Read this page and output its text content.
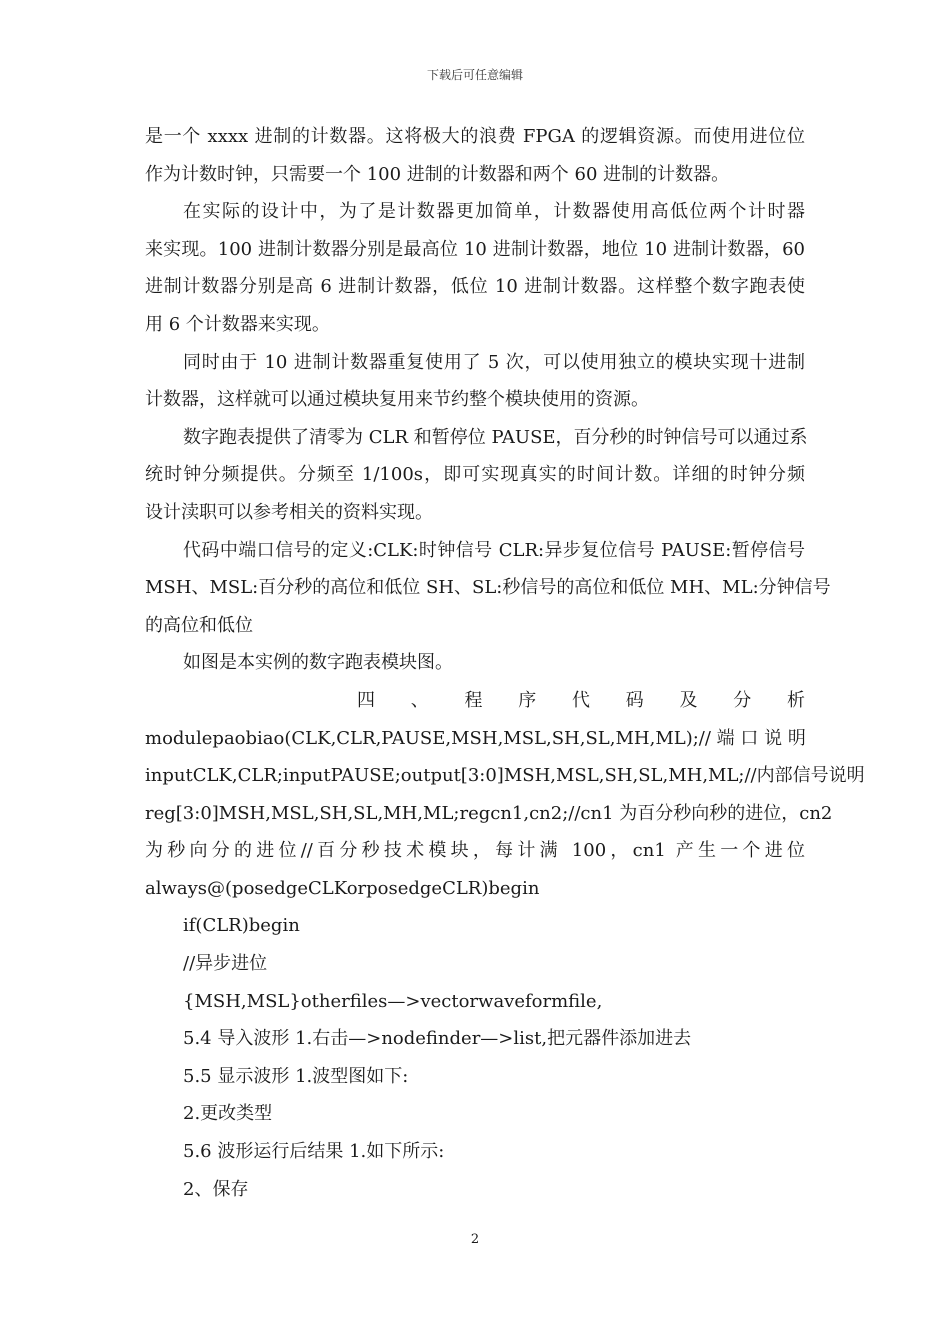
下载后可任意编辑
是一个 xxxx 进制的计数器。这将极大的浪费 FPGA 的逻辑资源。而使用进位位
作为计数时钟，只需要一个 100 进制的计数器和两个 60 进制的计数器。
在实际的设计中，为了是计数器更加简单，计数器使用高低位两个计时器
来实现。100 进制计数器分别是最高位 10 进制计数器，地位 10 进制计数器，60
进制计数器分别是高 6 进制计数器，低位 10 进制计数器。这样整个数字跑表使
用 6 个计数器来实现。
同时由于 10 进制计数器重复使用了 5 次，可以使用独立的模块实现十进制
计数器，这样就可以通过模块复用来节约整个模块使用的资源。
数字跑表提供了清零为 CLR 和暂停位 PAUSE，百分秒的时钟信号可以通过系
统时钟分频提供。分频至 1/100s，即可实现真实的时间计数。详细的时钟分频
设计渎职可以参考相关的资料实现。
代码中端口信号的定义:CLK:时钟信号 CLR:异步复位信号 PAUSE:暂停信号
MSH、MSL:百分秒的高位和低位 SH、SL:秒信号的高位和低位 MH、ML:分钟信号
的高位和低位
如图是本实例的数字跑表模块图。
四 、 程 序 代 码 及 分 析
modulepaobiao(CLK,CLR,PAUSE,MSH,MSL,SH,SL,MH,ML);// 端 口 说 明
inputCLK,CLR;inputPAUSE;output[3:0]MSH,MSL,SH,SL,MH,ML;//内部信号说明
reg[3:0]MSH,MSL,SH,SL,MH,ML;regcn1,cn2;//cn1 为百分秒向秒的进位，cn2
为秒向分的进位//百分秒技术模块，每计满 100，cn1 产生一个进位
always@(posedgeCLKorposedgeCLR)begin
if(CLR)begin
//异步进位
{MSH,MSL}otherfiles—>vectorwaveformfile,
5.4 导入波形 1.右击—>nodefinder—>list,把元器件添加进去
5.5 显示波形 1.波型图如下:
2.更改类型
5.6 波形运行后结果 1.如下所示:
2、保存
2
